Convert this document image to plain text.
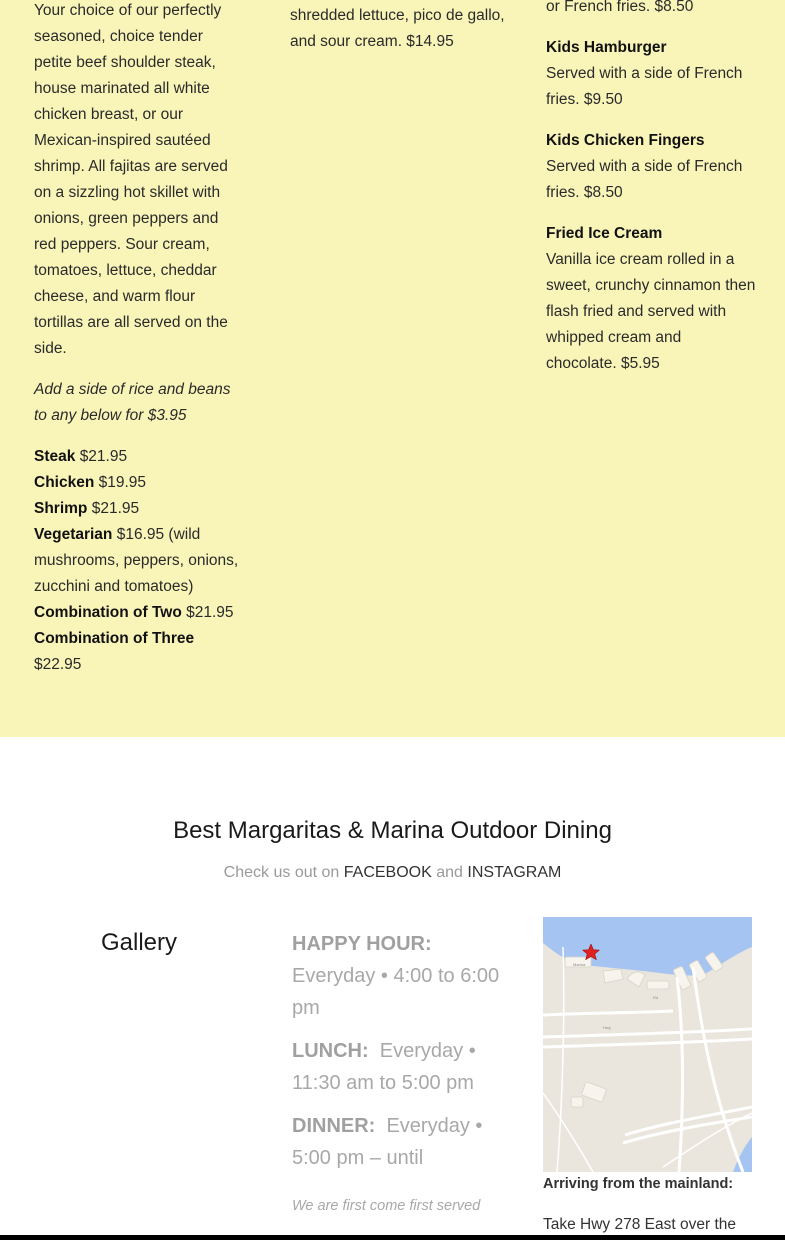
Your choice of our perfectly seasoned, choice tender petite beef shoulder steak, house marinated all white chicken breast, or our Mexican-inspired sautéed shrimp. All fajitas are served on a sizzling hot skillet with onions, green peppers and red peppers. Sour cream, tomatoes, lettuce, cheddar cheese, and warm flour tortillas are all served on the side.

Add a side of rice and beans to any below for $3.95

Steak $21.95
Chicken $19.95
Shrimp $21.95
Vegetarian $16.95 (wild mushrooms, peppers, onions, zucchini and tomatoes)
Combination of Two $21.95
Combination of Three $22.95

shredded lettuce, pico de gallo, and sour cream. $14.95

or French fries. $8.50

Kids Hamburger
Served with a side of French fries. $9.50

Kids Chicken Fingers
Served with a side of French fries. $8.50

Fried Ice Cream
Vanilla ice cream rolled in a sweet, crunchy cinnamon then flash fried and served with whipped cream and chocolate. $5.95

Best Margaritas & Marina Outdoor Dining
Check us out on FACEBOOK and INSTAGRAM
Gallery	HAPPY HOUR:  Everyday • 4:00 to 6:00 pm

LUNCH: Everyday • 11:30 am to 5:00 pm

DINNER: Everyday • 5:00 pm – until

We are first come first served
Marina
Rd
Hwy
Arriving from the mainland:
Take Hwy 278 East over the
